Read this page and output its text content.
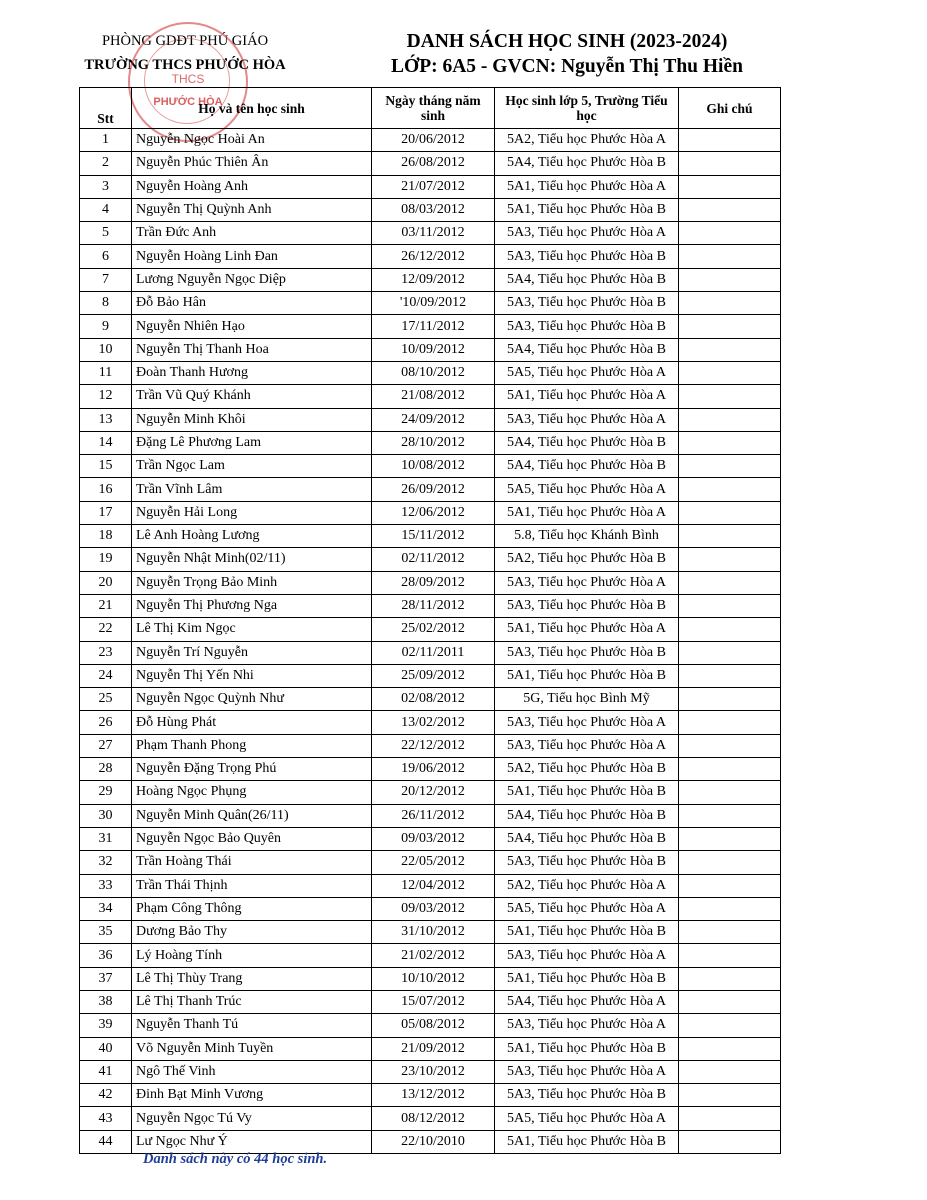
PHÒNG GDĐT PHÚ GIÁO
TRƯỜNG THCS PHƯỚC HÒA
DANH SÁCH HỌC SINH (2023-2024)
LỚP: 6A5 - GVCN: Nguyễn Thị Thu Hiền
THCS
PHƯỚC HÒA
Stt	Họ và tên học sinh	Ngày tháng năm sinh	Học sinh lớp 5, Trường Tiểu học	Ghi chú
1	Nguyễn Ngọc Hoài An	20/06/2012	5A2, Tiểu học Phước Hòa A	
2	Nguyễn Phúc Thiên Ân	26/08/2012	5A4, Tiểu học Phước Hòa B	
3	Nguyễn Hoàng Anh	21/07/2012	5A1, Tiểu học Phước Hòa A	
4	Nguyễn Thị Quỳnh Anh	08/03/2012	5A1, Tiểu học Phước Hòa B	
5	Trần Đức Anh	03/11/2012	5A3, Tiểu học Phước Hòa A	
6	Nguyễn Hoàng Linh Đan	26/12/2012	5A3, Tiểu học Phước Hòa B	
7	Lương Nguyễn Ngọc Diệp	12/09/2012	5A4, Tiểu học Phước Hòa B	
8	Đỗ Bảo Hân	'10/09/2012	5A3, Tiểu học Phước Hòa B	
9	Nguyễn Nhiên Hạo	17/11/2012	5A3, Tiểu học Phước Hòa B	
10	Nguyễn Thị Thanh Hoa	10/09/2012	5A4, Tiểu học Phước Hòa B	
11	Đoàn Thanh Hương	08/10/2012	5A5, Tiểu học Phước Hòa A	
12	Trần Vũ Quý Khánh	21/08/2012	5A1, Tiểu học Phước Hòa A	
13	Nguyễn Minh Khôi	24/09/2012	5A3, Tiểu học Phước Hòa A	
14	Đặng Lê Phương Lam	28/10/2012	5A4, Tiểu học Phước Hòa B	
15	Trần Ngọc Lam	10/08/2012	5A4, Tiểu học Phước Hòa B	
16	Trần Vĩnh Lâm	26/09/2012	5A5, Tiểu học Phước Hòa A	
17	Nguyễn Hải Long	12/06/2012	5A1, Tiểu học Phước Hòa A	
18	Lê Anh Hoàng Lương	15/11/2012	5.8, Tiểu học Khánh Bình	
19	Nguyễn Nhật Minh(02/11)	02/11/2012	5A2, Tiểu học Phước Hòa B	
20	Nguyễn Trọng Bảo Minh	28/09/2012	5A3, Tiểu học Phước Hòa A	
21	Nguyễn Thị Phương Nga	28/11/2012	5A3, Tiểu học Phước Hòa B	
22	Lê Thị Kim Ngọc	25/02/2012	5A1, Tiểu học Phước Hòa A	
23	Nguyễn Trí Nguyễn	02/11/2011	5A3, Tiểu học Phước Hòa B	
24	Nguyễn Thị Yến Nhi	25/09/2012	5A1, Tiểu học Phước Hòa B	
25	Nguyễn Ngọc Quỳnh Như	02/08/2012	5G, Tiểu học Bình Mỹ	
26	Đỗ Hùng Phát	13/02/2012	5A3, Tiểu học Phước Hòa A	
27	Phạm Thanh Phong	22/12/2012	5A3, Tiểu học Phước Hòa A	
28	Nguyễn Đặng Trọng Phú	19/06/2012	5A2, Tiểu học Phước Hòa B	
29	Hoàng Ngọc Phụng	20/12/2012	5A1, Tiểu học Phước Hòa B	
30	Nguyễn Minh Quân(26/11)	26/11/2012	5A4, Tiểu học Phước Hòa B	
31	Nguyễn Ngọc Bảo Quyên	09/03/2012	5A4, Tiểu học Phước Hòa B	
32	Trần Hoàng Thái	22/05/2012	5A3, Tiểu học Phước Hòa B	
33	Trần Thái Thịnh	12/04/2012	5A2, Tiểu học Phước Hòa A	
34	Phạm Công Thông	09/03/2012	5A5, Tiểu học Phước Hòa A	
35	Dương Bảo Thy	31/10/2012	5A1, Tiểu học Phước Hòa B	
36	Lý Hoàng Tính	21/02/2012	5A3, Tiểu học Phước Hòa A	
37	Lê Thị Thùy Trang	10/10/2012	5A1, Tiểu học Phước Hòa B	
38	Lê Thị Thanh Trúc	15/07/2012	5A4, Tiểu học Phước Hòa A	
39	Nguyễn Thanh Tú	05/08/2012	5A3, Tiểu học Phước Hòa A	
40	Võ Nguyễn Minh Tuyền	21/09/2012	5A1, Tiểu học Phước Hòa B	
41	Ngô Thế Vinh	23/10/2012	5A3, Tiểu học Phước Hòa A	
42	Đinh Bạt Minh Vương	13/12/2012	5A3, Tiểu học Phước Hòa B	
43	Nguyễn Ngọc Tú Vy	08/12/2012	5A5, Tiểu học Phước Hòa A	
44	Lư Ngọc Như Ý	22/10/2010	5A1, Tiểu học Phước Hòa B	
Danh sách này có 44 học sinh.
